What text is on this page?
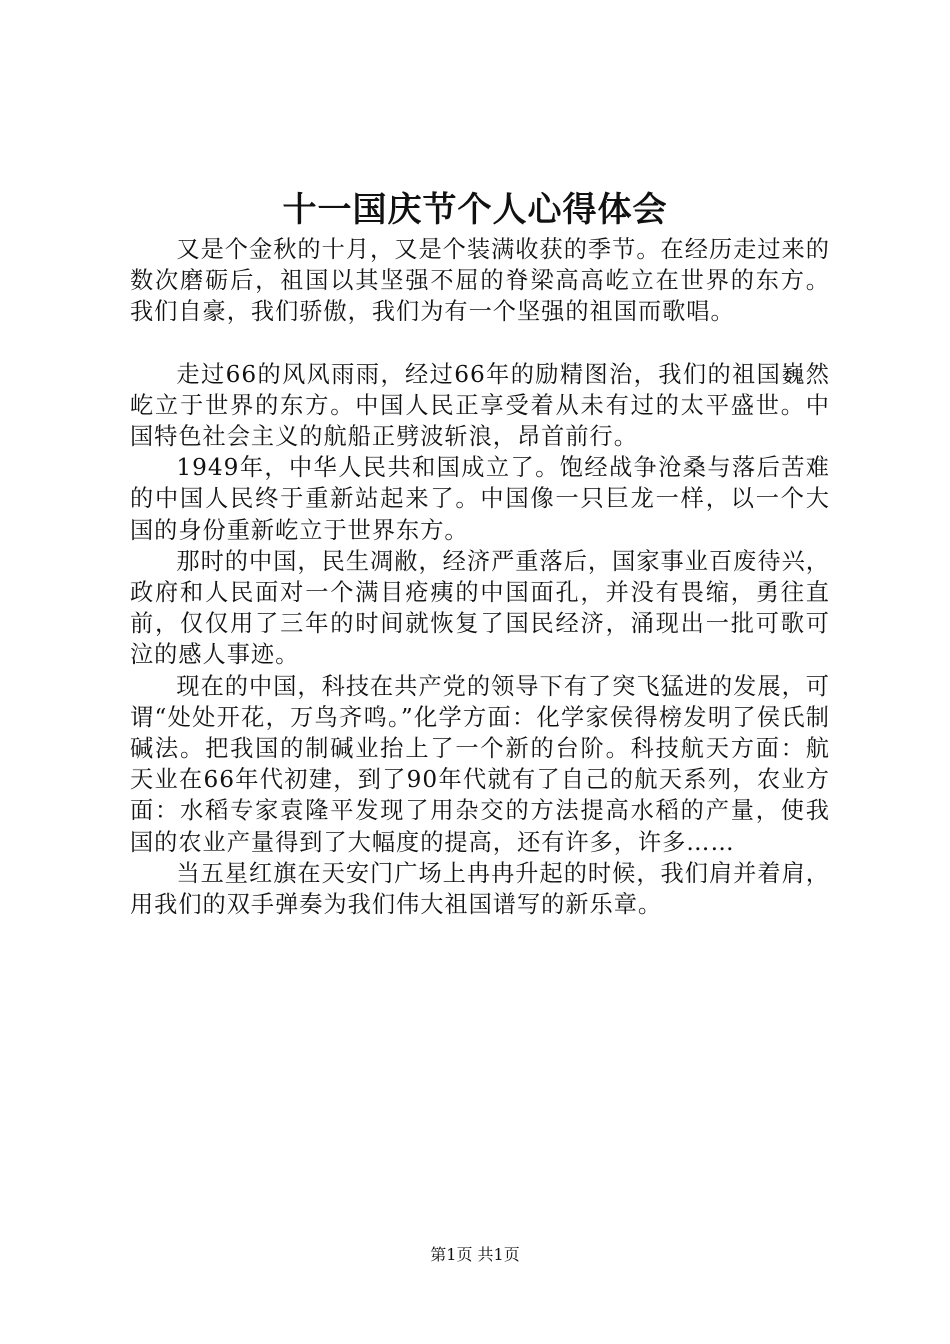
十一国庆节个人心得体会

又是个金秋的十月，又是个装满收获的季节。在经历走过来的数次磨砺后，祖国以其坚强不屈的脊梁高高屹立在世界的东方。我们自豪，我们骄傲，我们为有一个坚强的祖国而歌唱。

走过66的风风雨雨，经过66年的励精图治，我们的祖国巍然屹立于世界的东方。中国人民正享受着从未有过的太平盛世。中国特色社会主义的航船正劈波斩浪，昂首前行。

1949年，中华人民共和国成立了。饱经战争沧桑与落后苦难的中国人民终于重新站起来了。中国像一只巨龙一样，以一个大国的身份重新屹立于世界东方。

那时的中国，民生凋敝，经济严重落后，国家事业百废待兴，政府和人民面对一个满目疮痍的中国面孔，并没有畏缩，勇往直前，仅仅用了三年的时间就恢复了国民经济，涌现出一批可歌可泣的感人事迹。

现在的中国，科技在共产党的领导下有了突飞猛进的发展，可谓“处处开花，万鸟齐鸣。”化学方面：化学家侯得榜发明了侯氏制碱法。把我国的制碱业抬上了一个新的台阶。科技航天方面：航天业在66年代初建，到了90年代就有了自己的航天系列，农业方面：水稻专家袁隆平发现了用杂交的方法提高水稻的产量，使我国的农业产量得到了大幅度的提高，还有许多，许多……

当五星红旗在天安门广场上冉冉升起的时候，我们肩并着肩，用我们的双手弹奏为我们伟大祖国谱写的新乐章。

第1页 共1页
